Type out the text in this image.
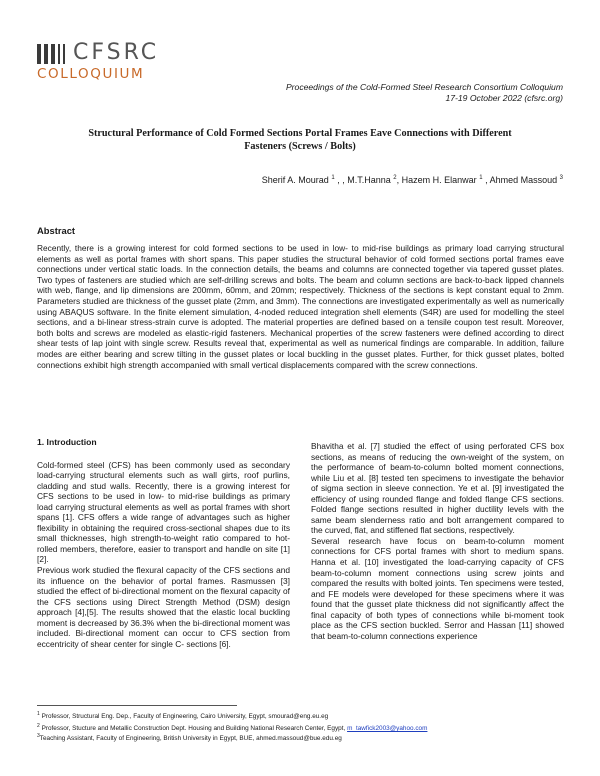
CFSRC
COLLOQUIUM
Proceedings of the Cold-Formed Steel Research Consortium Colloquium
17-19 October 2022 (cfsrc.org)
Structural Performance of Cold Formed Sections Portal Frames Eave Connections with Different Fasteners (Screws / Bolts)
Sherif A. Mourad $^1$ , , M.T.Hanna $^2$, Hazem H. Elanwar $^1$ , Ahmed Massoud $^3$
Abstract
Recently, there is a growing interest for cold formed sections to be used in low- to mid-rise buildings as primary load carrying structural elements as well as portal frames with short spans. This paper studies the structural behavior of cold formed sections portal frames eave connections under vertical static loads. In the connection details, the beams and columns are connected together via tapered gusset plates. Two types of fasteners are studied which are self-drilling screws and bolts. The beam and column sections are back-to-back lipped channels with web, flange, and lip dimensions are 200mm, 60mm, and 20mm; respectively. Thickness of the sections is kept constant equal to 2mm. Parameters studied are thickness of the gusset plate (2mm, and 3mm). The connections are investigated experimentally as well as numerically using ABAQUS software. In the finite element simulation, 4-noded reduced integration shell elements (S4R) are used for modelling the steel sections, and a bi-linear stress-strain curve is adopted. The material properties are defined based on a tensile coupon test result. Moreover, both bolts and screws are modeled as elastic-rigid fasteners. Mechanical properties of the screw fasteners were defined according to direct shear tests of lap joint with single screw. Results reveal that, experimental as well as numerical findings are comparable. In addition, failure modes are either bearing and screw tilting in the gusset plates or local buckling in the gusset plates. Further, for thick gusset plates, bolted connections exhibit high strength accompanied with small vertical displacements compared with the screw connections.
1. Introduction

Cold-formed steel (CFS) has been commonly used as secondary load-carrying structural elements such as wall girts, roof purlins, cladding and stud walls. Recently, there is a growing interest for CFS sections to be used in low- to mid-rise buildings as primary load carrying structural elements as well as portal frames with short spans [1]. CFS offers a wide range of advantages such as higher flexibility in obtaining the required cross-sectional shapes due to its small thicknesses, high strength-to-weight ratio compared to hot-rolled members, therefore, easier to transport and handle on site [1][2].

Previous work studied the flexural capacity of the CFS sections and its influence on the behavior of portal frames. Rasmussen [3] studied the effect of bi-directional moment on the flexural capacity of the CFS sections using Direct Strength Method (DSM) design approach [4],[5]. The results showed that the elastic local buckling moment is decreased by 36.3% when the bi-directional moment was included. Bi-directional moment can occur to CFS section from eccentricity of shear center for single C- sections [6].

Bhavitha et al. [7] studied the effect of using perforated CFS box sections, as means of reducing the own-weight of the system, on the performance of beam-to-column bolted moment connections, while Liu et al. [8] tested ten specimens to investigate the behavior of sigma section in sleeve connection. Ye et al. [9] investigated the efficiency of using rounded flange and folded flange CFS sections. Folded flange sections resulted in higher ductility levels with the same beam slenderness ratio and bolt arrangement compared to the curved, flat, and stiffened flat sections, respectively.

Several research have focus on beam-to-column moment connections for CFS portal frames with short to medium spans. Hanna et al. [10] investigated the load-carrying capacity of CFS beam-to-column moment connections using screw joints and compared the results with bolted joints. Ten specimens were tested, and FE models were developed for these specimens where it was found that the gusset plate thickness did not significantly affect the final capacity of both types of connections while bi-moment took place as the CFS section buckled. Serror and Hassan [11] showed that beam-to-column connections experience

$^1$ Professor, Structural Eng. Dep., Faculty of Engineering, Cairo University, Egypt, smourad@eng.eu.eg
$^2$ Professor, Stucture and Metallic Construction Dept. Housing and Building National Research Center, Egypt, m_tawfick2003@yahoo.com
$^3$Teaching Assistant, Faculty of Engineering, British University in Egypt, BUE, ahmed.massoud@bue.edu.eg
